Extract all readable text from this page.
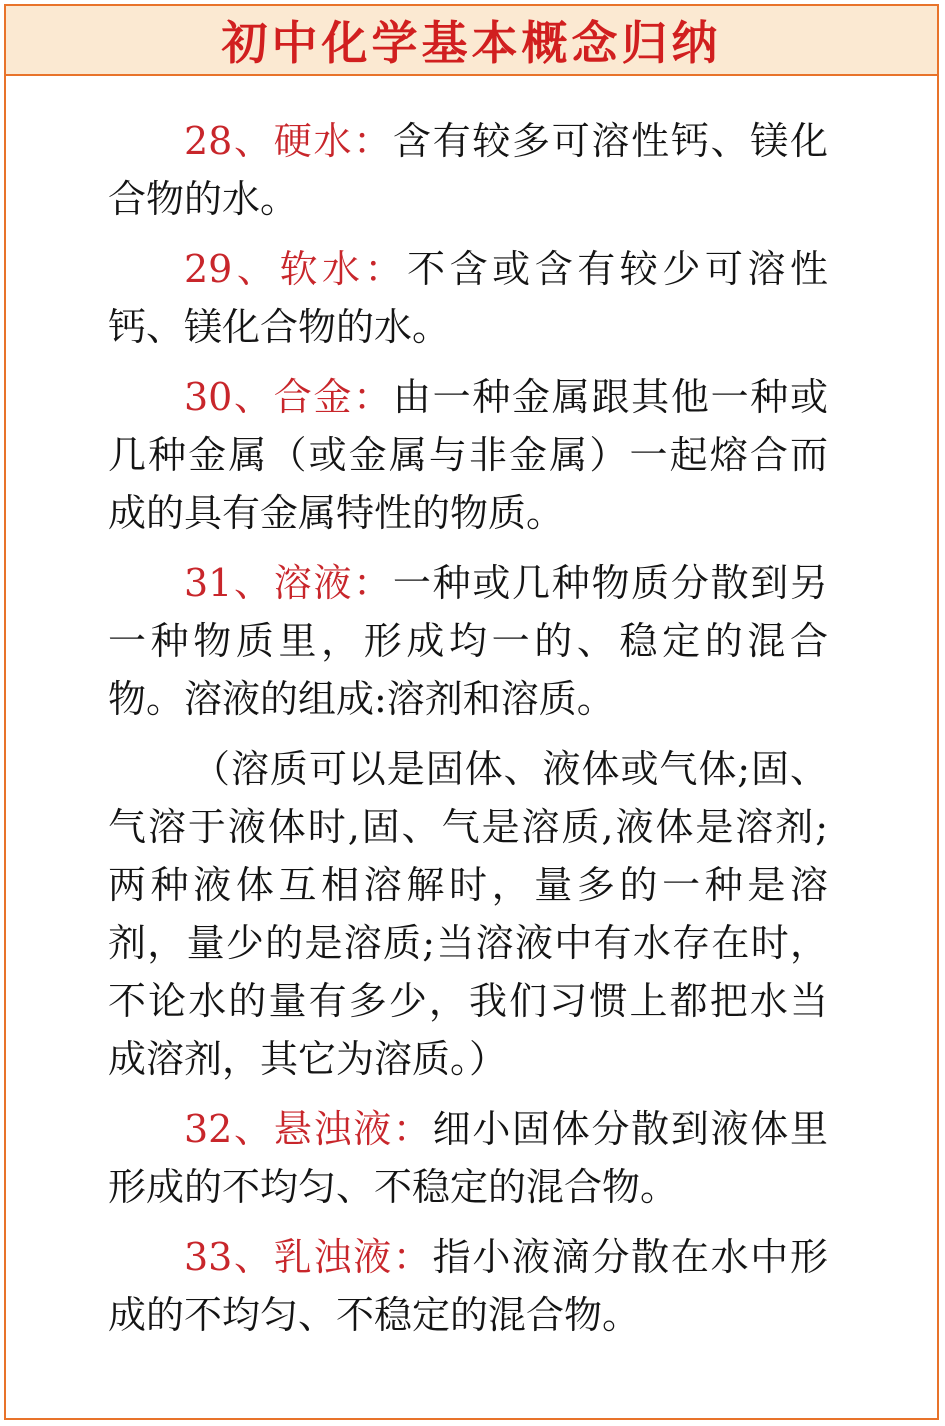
初中化学基本概念归纳

28、硬水：含有较多可溶性钙、镁化合物的水。

29、软水：不含或含有较少可溶性钙、镁化合物的水。

30、合金：由一种金属跟其他一种或几种金属（或金属与非金属）一起熔合而成的具有金属特性的物质。

31、溶液：一种或几种物质分散到另一种物质里，形成均一的、稳定的混合物。溶液的组成:溶剂和溶质。

（溶质可以是固体、液体或气体;固、气溶于液体时,固、气是溶质,液体是溶剂; 两种液体互相溶解时，量多的一种是溶剂，量少的是溶质;当溶液中有水存在时，不论水的量有多少，我们习惯上都把水当成溶剂，其它为溶质。）

32、悬浊液：细小固体分散到液体里形成的不均匀、不稳定的混合物。

33、乳浊液：指小液滴分散在水中形成的不均匀、不稳定的混合物。
